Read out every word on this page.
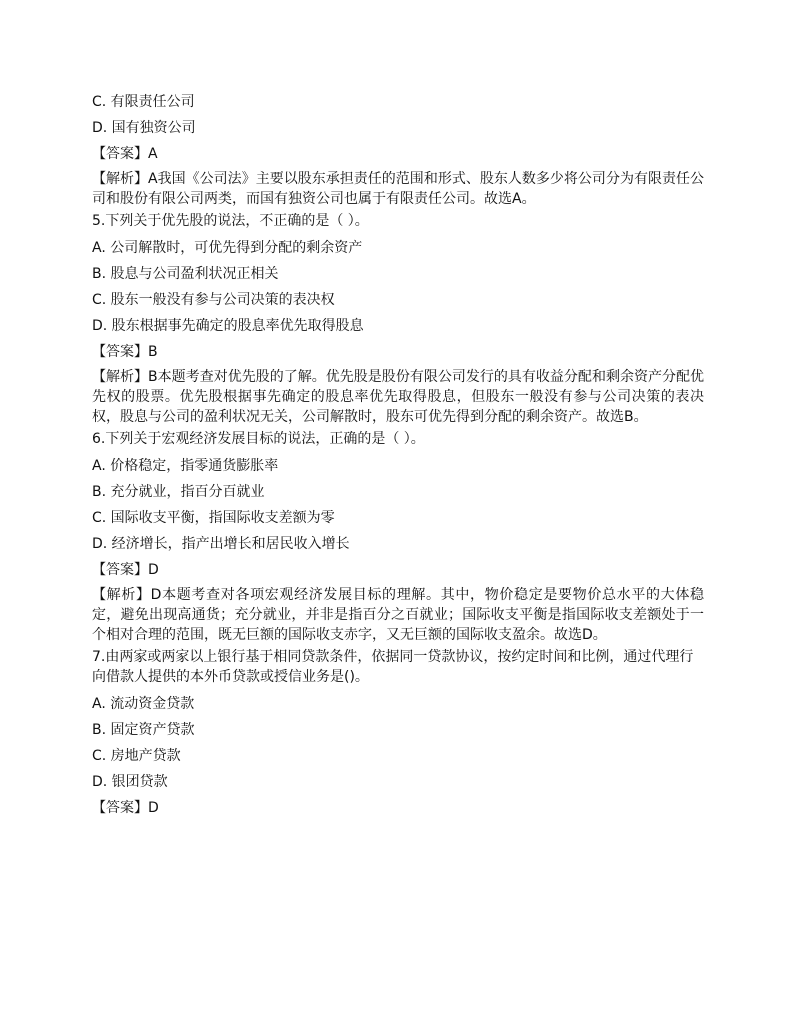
C. 有限责任公司
D. 国有独资公司
【答案】A
【解析】A我国《公司法》主要以股东承担责任的范围和形式、股东人数多少将公司分为有限责任公司和股份有限公司两类，而国有独资公司也属于有限责任公司。故选A。
5.下列关于优先股的说法，不正确的是（ ）。
A. 公司解散时，可优先得到分配的剩余资产
B. 股息与公司盈利状况正相关
C. 股东一般没有参与公司决策的表决权
D. 股东根据事先确定的股息率优先取得股息
【答案】B
【解析】B本题考查对优先股的了解。优先股是股份有限公司发行的具有收益分配和剩余资产分配优先权的股票。优先股根据事先确定的股息率优先取得股息，但股东一般没有参与公司决策的表决权，股息与公司的盈利状况无关，公司解散时，股东可优先得到分配的剩余资产。故选B。
6.下列关于宏观经济发展目标的说法，正确的是（ ）。
A. 价格稳定，指零通货膨胀率
B. 充分就业，指百分百就业
C. 国际收支平衡，指国际收支差额为零
D. 经济增长，指产出增长和居民收入增长
【答案】D
【解析】D本题考查对各项宏观经济发展目标的理解。其中，物价稳定是要物价总水平的大体稳定，避免出现高通货；充分就业，并非是指百分之百就业；国际收支平衡是指国际收支差额处于一个相对合理的范围，既无巨额的国际收支赤字，又无巨额的国际收支盈余。故选D。
7.由两家或两家以上银行基于相同贷款条件，依据同一贷款协议，按约定时间和比例，通过代理行向借款人提供的本外币贷款或授信业务是()。
A. 流动资金贷款
B. 固定资产贷款
C. 房地产贷款
D. 银团贷款
【答案】D
